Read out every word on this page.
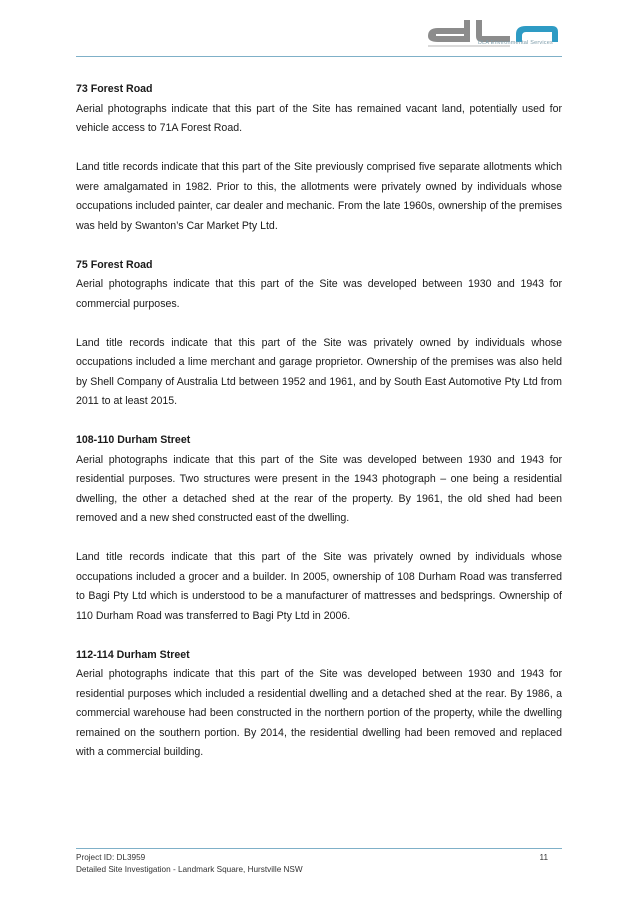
DLA Environmental Services

73 Forest Road

Aerial photographs indicate that this part of the Site has remained vacant land, potentially used for vehicle access to 71A Forest Road.

Land title records indicate that this part of the Site previously comprised five separate allotments which were amalgamated in 1982. Prior to this, the allotments were privately owned by individuals whose occupations included painter, car dealer and mechanic. From the late 1960s, ownership of the premises was held by Swanton’s Car Market Pty Ltd.

75 Forest Road

Aerial photographs indicate that this part of the Site was developed between 1930 and 1943 for commercial purposes.

Land title records indicate that this part of the Site was privately owned by individuals whose occupations included a lime merchant and garage proprietor. Ownership of the premises was also held by Shell Company of Australia Ltd between 1952 and 1961, and by South East Automotive Pty Ltd from 2011 to at least 2015.

108-110 Durham Street

Aerial photographs indicate that this part of the Site was developed between 1930 and 1943 for residential purposes. Two structures were present in the 1943 photograph – one being a residential dwelling, the other a detached shed at the rear of the property. By 1961, the old shed had been removed and a new shed constructed east of the dwelling.

Land title records indicate that this part of the Site was privately owned by individuals whose occupations included a grocer and a builder. In 2005, ownership of 108 Durham Road was transferred to Bagi Pty Ltd which is understood to be a manufacturer of mattresses and bedsprings. Ownership of 110 Durham Road was transferred to Bagi Pty Ltd in 2006.

112-114 Durham Street

Aerial photographs indicate that this part of the Site was developed between 1930 and 1943 for residential purposes which included a residential dwelling and a detached shed at the rear. By 1986, a commercial warehouse had been constructed in the northern portion of the property, while the dwelling remained on the southern portion. By 2014, the residential dwelling had been removed and replaced with a commercial building.

Project ID: DL3959
Detailed Site Investigation - Landmark Square, Hurstville NSW
11
